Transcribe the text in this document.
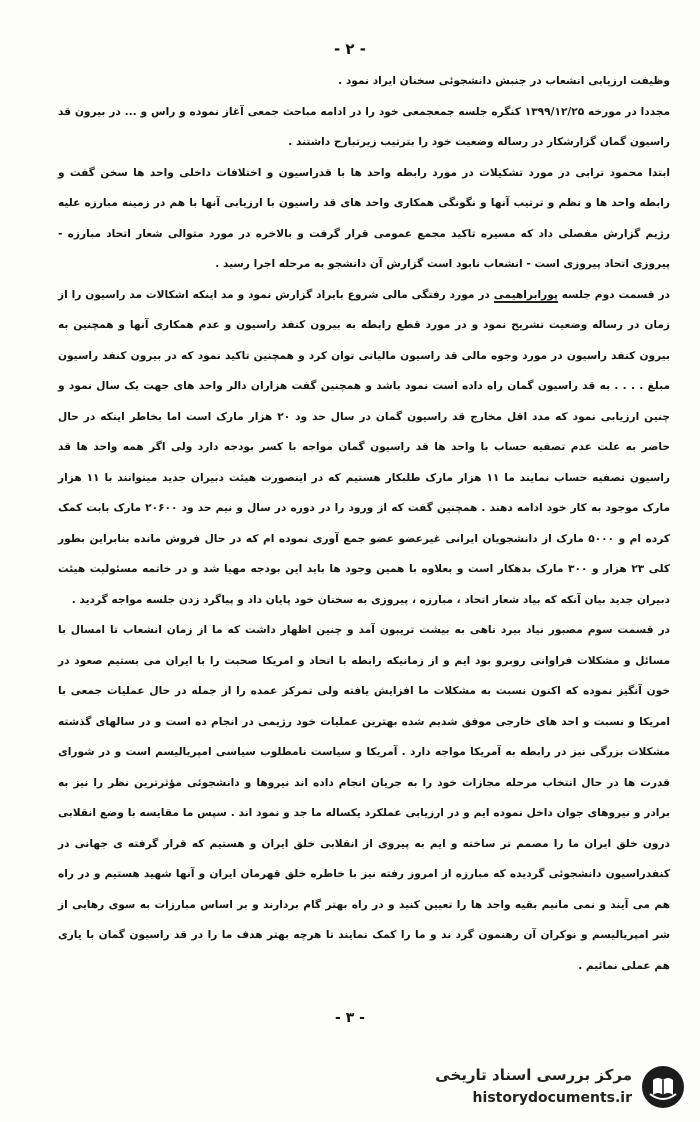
- ۲ -

وظیفت ارزیابی انشعاب در جنبش دانشجوئی سخنان ایراد نمود .

مجددا در مورخه ۱۳۹۹/۱۲/۲۵ کنگره جلسه جمعجمعی خود را در ادامه مباحث جمعی آغاز نموده و راس و ... در بیرون قد راسیون گمان گزارشکار در رساله وضعیت خود را بترتیب زیرتبارح داشتند .

ابتدا محمود ترابی در مورد تشکیلات در مورد رابطه واحد ها با قدراسیون و اختلافات داخلی واحد ها سخن گفت و رابطه واحد ها و نظم و ترتیب آنها و نگونگی همکاری واحد های قد راسیون با ارزیابی آنها با هم در زمینه مبارزه علیه رژیم گزارش مفصلی داد که مسیره تاکید مجمع عمومی قرار گرفت و بالاخره در مورد متوالی شعار اتحاد مبارزه - پیروزی اتحاد پیروزی است - انشعاب نابود است گزارش آن دانشجو به مرحله اجرا رسید .

در قسمت دوم جلسه پورابراهیمی در مورد رفتگی مالی شروع بایراد گزارش نمود و مد اینکه اشکالات مد راسیون را از زمان در رساله وضعیت تشریح نمود و در مورد قطع رابطه به بیرون کنفد راسیون و عدم همکاری آنها و همچنین به بیرون کنفد راسیون در مورد وجوه مالی قد راسیون مالیاتی توان کرد و همچنین تاکید نمود که در بیرون کنفد راسیون مبلغ . . . . به قد راسیون گمان راه داده است نمود باشد و همچنین گفت هزاران دالر واحد های جهت یک سال نمود و چنین ارزیابی نمود که مدد اقل مخارج قد راسیون گمان در سال حد ود ۲۰ هزار مارک است اما بخاطر اینکه در حال حاضر به علت عدم تصفیه حساب با واحد ها قد راسیون گمان مواجه با کسر بودجه دارد ولی اگر همه واحد ها قد راسیون تصفیه حساب نمایند ما ۱۱ هزار مارک طلبکار هستیم که در اینصورت هیئت دبیران جدید میتوانند با ۱۱ هزار مارک موجود به کار خود ادامه دهند . همچنین گفت که از ورود را در دوره در سال و نیم حد ود ۲۰۶۰۰ مارک بابت کمک کرده ام و ۵۰۰۰ مارک از دانشجویان ایرانی غیرعضو عضو جمع آوری نموده ام که در حال فروش مانده بنابراین بطور کلی ۲۳ هزار و ۳۰۰ مارک بدهکار است و بعلاوه با همین وجود ها باید این بودجه مهیا شد و در خاتمه مسئولیت هیئت دبیران جدید بیان آنکه که بیاد شعار اتحاد ، مبارزه ، پیروزی به سخنان خود پایان داد و پیاگرد زدن جلسه مواجه گردید .

در قسمت سوم مصبور نیاد بیرد ناهی به بیشت تریبون آمد و چنین اظهار داشت که ما از زمان انشعاب تا امسال با مسائل و مشکلات فراوانی روبرو بود ایم و از زمانیکه رابطه با اتحاد و امریکا صحبت را با ایران می بستیم صعود در خون آنگیز نموده که اکنون نسبت به مشکلات ما افزایش یافته ولی تمرکز عمده را از جمله در حال عملیات جمعی با امریکا و نسبت و احد های خارجی موفق شدیم شده بهترین عملیات خود رژیمی در انجام ده است و در سالهای گذشته مشکلات بزرگی نیز در رابطه به آمریکا مواجه دارد . آمریکا و سیاست نامطلوب سیاسی امپریالیسم است و در شورای قدرت ها در حال انتخاب مرحله مجازات خود را به جریان انجام داده اند نیروها و دانشجوئی مؤثرترین نظر را نیز به برادر و نیروهای جوان داخل نموده ایم و در ارزیابی عملکرد یکساله ما جد و نمود اند . سپس ما مقایسه با وضع انقلابی درون خلق ایران ما را مصمم تر ساخته و ایم به پیروی از انقلابی خلق ایران و هستیم که قرار گرفته ی جهانی در کنفدراسیون دانشجوئی گردیده که مبارزه از امروز رفته نیز با خاطره خلق قهرمان ایران و آنها شهید هستیم و در راه هم می آیند و نمی مانیم بقیه واحد ها را تعیین کنید و در راه بهتر گام بردارند و بر اساس مبارزات به سوی رهایی از شر امپریالیسم و نوکران آن رهنمون گرد ند و ما را کمک نمایند تا هرچه بهتر هدف ما را در قد راسیون گمان با یاری هم عملی نمائیم .

- ۳ -
مرکز بررسی اسناد تاریخی
historydocuments.ir
